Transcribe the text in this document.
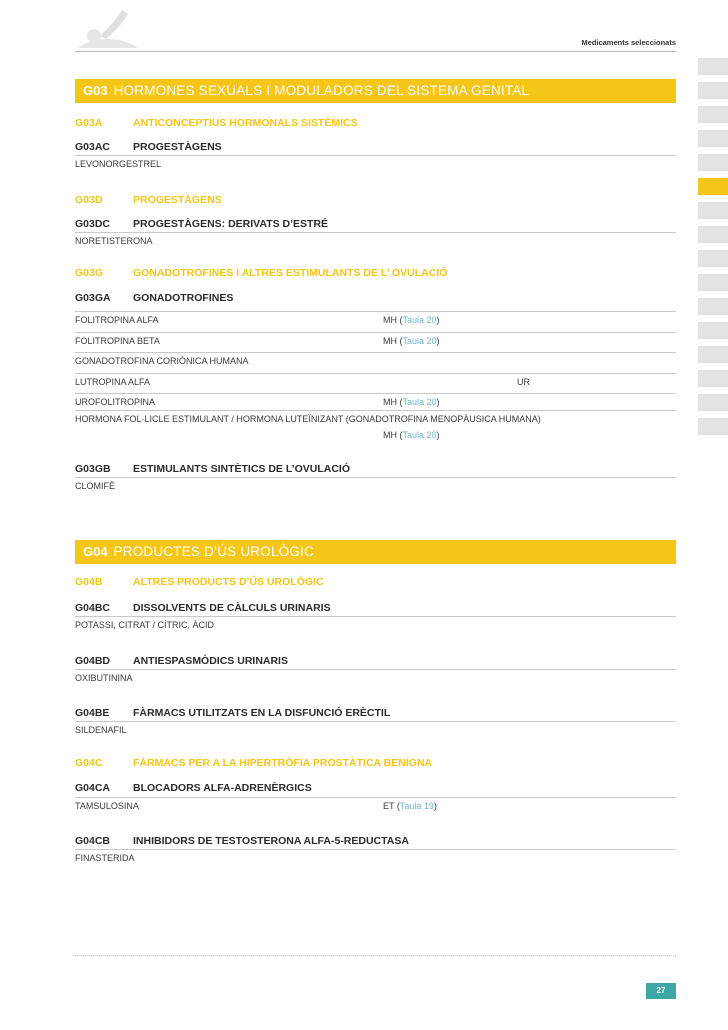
Medicaments seleccionats
G03 HORMONES SEXUALS I MODULADORS DEL SISTEMA GENITAL
G03A	ANTICONCEPTIUS HORMONALS SISTÈMICS
G03AC PROGESTÀGENS
LEVONORGESTREL
G03D	PROGESTÀGENS
G03DC PROGESTÀGENS: DERIVATS D’ESTRÉ
NORETISTERONA
G03G	GONADOTROFINES I ALTRES ESTIMULANTS DE L’ OVULACIÓ
G03GA GONADOTROFINES
FOLITROPINA ALFA	MH (Taula 20)
FOLITROPINA BETA	MH (Taula 20)
GONADOTROFINA CORIÒNICA HUMANA
LUTROPINA ALFA	UR
UROFOLITROPINA	MH (Taula 20)
HORMONA FOL·LICLE ESTIMULANT / HORMONA LUTEÏNIZANT (GONADOTROFINA MENOPÀUSICA HUMANA)
MH (Taula 20)
G03GB ESTIMULANTS SINTÈTICS DE L’OVULACIÓ
CLOMIFÈ
G04 PRODUCTES D’ÚS UROLÒGIC
G04B	ALTRES PRODUCTS D’ÚS UROLÒGIC
G04BC DISSOLVENTS DE CÀLCULS URINARIS
POTASSI, CITRAT / CÍTRIC, ÀCID
G04BD ANTIESPASMÒDICS URINARIS
OXIBUTININA
G04BE FÀRMACS UTILITZATS EN LA DISFUNCIÓ ERÈCTIL
SILDENAFIL
G04C	FÀRMACS PER A LA HIPERTRÒFIA PROSTÀTICA BENIGNA
G04CA BLOCADORS ALFA-ADRENÈRGICS
TAMSULOSINA	ET (Taula 19)
G04CB INHIBIDORS DE TESTOSTERONA ALFA-5-REDUCTASA
FINASTERIDA
27
